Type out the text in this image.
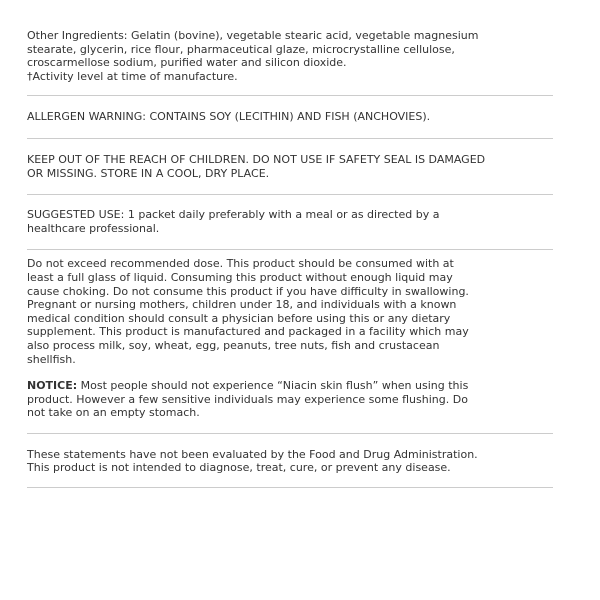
Other Ingredients: Gelatin (bovine), vegetable stearic acid, vegetable magnesium
stearate, glycerin, rice flour, pharmaceutical glaze, microcrystalline cellulose,
croscarmellose sodium, purified water and silicon dioxide.
†Activity level at time of manufacture.
ALLERGEN WARNING: CONTAINS SOY (LECITHIN) AND FISH (ANCHOVIES).
KEEP OUT OF THE REACH OF CHILDREN. DO NOT USE IF SAFETY SEAL IS DAMAGED
OR MISSING. STORE IN A COOL, DRY PLACE.
SUGGESTED USE: 1 packet daily preferably with a meal or as directed by a
healthcare professional.
Do not exceed recommended dose. This product should be consumed with at
least a full glass of liquid. Consuming this product without enough liquid may
cause choking. Do not consume this product if you have difficulty in swallowing.
Pregnant or nursing mothers, children under 18, and individuals with a known
medical condition should consult a physician before using this or any dietary
supplement. This product is manufactured and packaged in a facility which may
also process milk, soy, wheat, egg, peanuts, tree nuts, fish and crustacean
shellfish.
NOTICE: Most people should not experience “Niacin skin flush” when using this
product. However a few sensitive individuals may experience some flushing. Do
not take on an empty stomach.
These statements have not been evaluated by the Food and Drug Administration.
This product is not intended to diagnose, treat, cure, or prevent any disease.
